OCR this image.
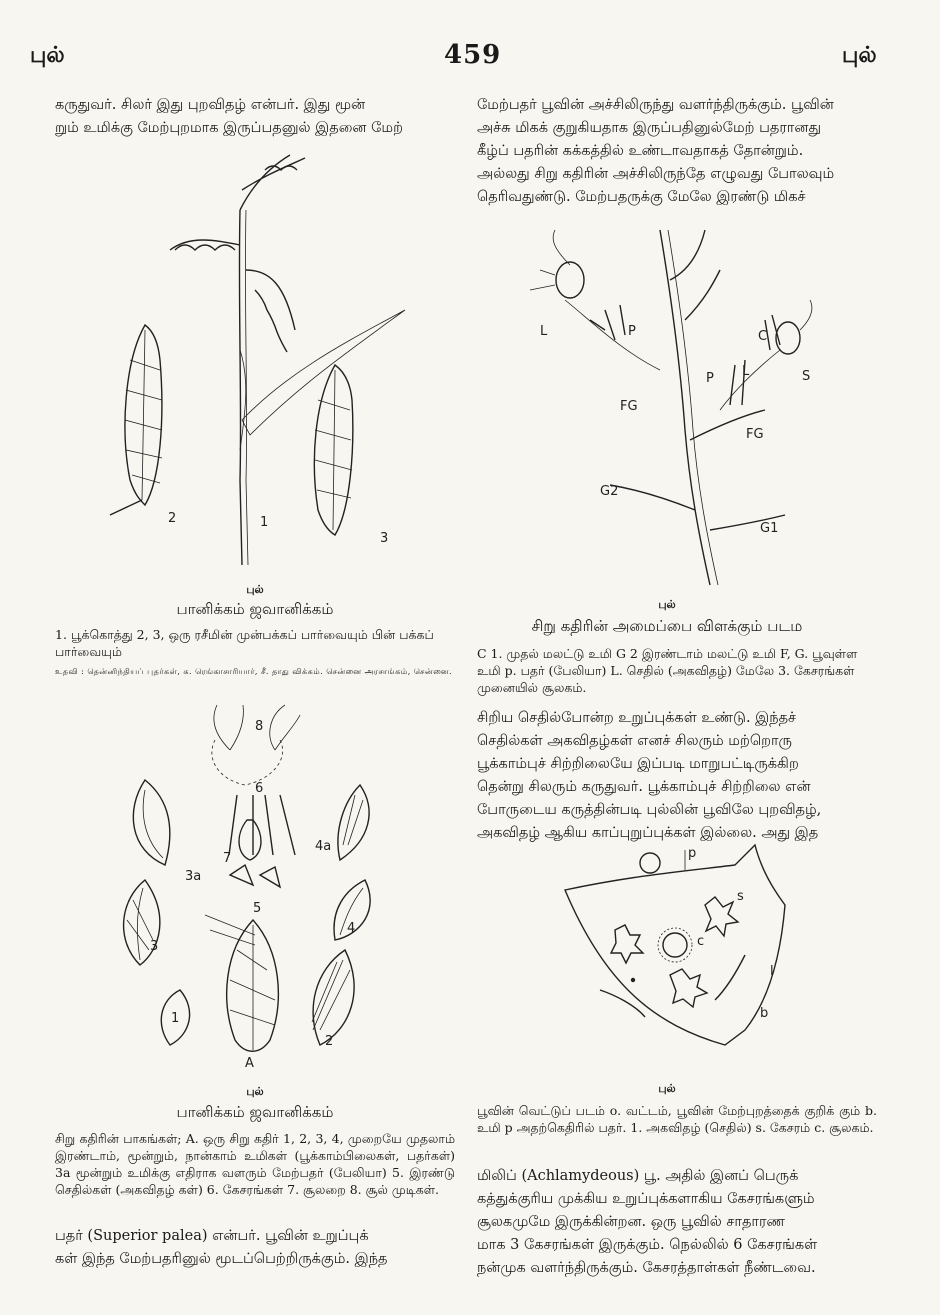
புல்	459	புல்

கருதுவர். சிலர் இது புறவிதழ் என்பர். இது மூன்

றும் உமிக்கு மேற்புறமாக இருப்பதனுல் இதனை மேற்

2	1
3
புல்
பானிக்கம் ஜவானிக்கம்
1. பூக்கொத்து 2, 3, ஒரு ரசீமின் முன்பக்கப் பார்வையும் பின் பக்கப் பார்வையும்
உதவி : தென்னிந்தியப் புதர்கள், க. ரெங்காசாரியார், சீ. தாது விக்கம். சென்னை அரசாங்கம், சென்னை.
8
6
3a
7
4a
5
3
4
1
2
A
புல்
பானிக்கம் ஜவானிக்கம்
சிறு கதிரின் பாகங்கள்; A. ஒரு சிறு கதிர் 1, 2, 3, 4, முறையே முதலாம் இரண்டாம், மூன்றும், நான்காம் உமிகள் (பூக்காம்பிலைகள், பதர்கள்) 3a மூன்றும் உமிக்கு எதிராக வளரும் மேற்பதர் (பேலியா) 5. இரண்டு செதில்கள் (அகவிதழ் கள்) 6. கேசரங்கள் 7. சூலறை 8. சூல் முடிகள்.

பதர் (Superior palea) என்பர். பூவின் உறுப்புக்

கள் இந்த மேற்பதரினுல் மூடப்பெற்றிருக்கும். இந்த

மேற்பதர் பூவின் அச்சிலிருந்து வளர்ந்திருக்கும். பூவின்

அச்சு மிகக் குறுகியதாக இருப்பதினுல்மேற் பதரானது

கீழ்ப் பதரின் கக்கத்தில் உண்டாவதாகத் தோன்றும்.

அல்லது சிறு கதிரின் அச்சிலிருந்தே எழுவது போலவும்

தெரிவதுண்டு. மேற்பதருக்கு மேலே இரண்டு மிகச்

L	P	C
L	S
P
FG
FG
G2
G1
புல்
சிறு கதிரின் அமைப்பை விளக்கும் படம
C 1. முதல் மலட்டு உமி G 2 இரண்டாம் மலட்டு உமி F, G. பூவுள்ள உமி p. பதர் (பேலியா) L. செதில் (அகவிதழ்) மேலே 3. கேசரங்கள் முனையில் சூலகம்.

சிறிய செதில்போன்ற உறுப்புக்கள் உண்டு. இந்தச்

செதில்கள் அகவிதழ்கள் எனச் சிலரும் மற்றொரு

பூக்காம்புச் சிற்றிலையே இப்படி மாறுபட்டிருக்கிற

தென்று சிலரும் கருதுவர். பூக்காம்புச் சிற்றிலை என்

போருடைய கருத்தின்படி புல்லின் பூவிலே புறவிதழ்,

அகவிதழ் ஆகிய காப்புறுப்புக்கள் இல்லை. அது இத

p
s
c
l
b
புல்
பூவின் வெட்டுப் படம் o. வட்டம், பூவின் மேற்புறத்தைக் குறிக் கும் b. உமி p அதற்கெதிரில் பதர். 1. அகவிதழ் (செதில்) s. கேசரம் c. சூலகம்.

மிலிப் (Achlamydeous) பூ. அதில் இனப் பெருக்

கத்துக்குரிய முக்கிய உறுப்புக்களாகிய கேசரங்களும்

சூலகமுமே இருக்கின்றன. ஒரு பூவில் சாதாரண

மாக 3 கேசரங்கள் இருக்கும். நெல்லில் 6 கேசரங்கள்

நன்முக வளர்ந்திருக்கும். கேசரத்தாள்கள் நீண்டவை.
